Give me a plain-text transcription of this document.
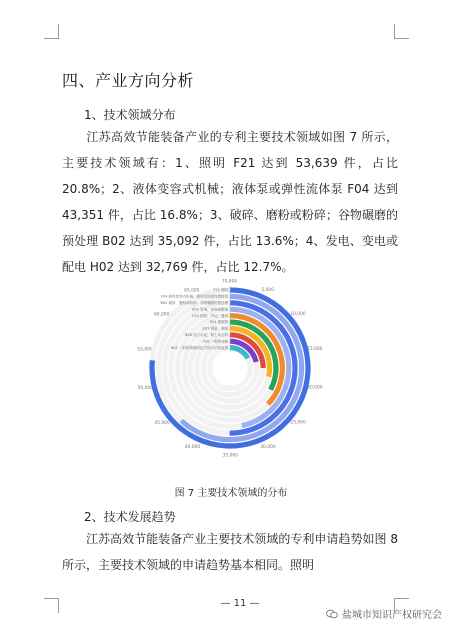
四、产业方向分析
1、技术领域分布
江苏高效节能装备产业的专利主要技术领域如图 7 所示，主要技术领域有：1、照明 F21 达到 53,639 件，占比 20.8%；2、液体变容式机械；液体泵或弹性流体泵 F04 达到 43,351 件，占比 16.8%；3、破碎、磨粉或粉碎；谷物碾磨的预处理 B02 达到 35,092 件，占比 13.6%；4、发电、变电或配电 H02 达到 32,769 件，占比 12.7%。
5,000
10,000
15,000
20,000
25,000
30,000
35,000
40,000
45,000
50,000
55,000
60,000
65,000
70,000
F21 照明
F04 液体变容式机械；液体泵或弹性流体泵
B02 破碎、磨粉或粉碎；谷物碾磨的预处理
H02 发电、变电或配电
F24 供热；炉灶；通风
E04 建筑物
G01 测量；测试
B28 加工水泥、黏土或石料
F28 一般热交换
B01 一般的物理或化学的方法或装置
图 7 主要技术领域的分布
2、技术发展趋势
江苏高效节能装备产业主要技术领域的专利申请趋势如图 8 所示，主要技术领域的申请趋势基本相同。照明
— 11 —
盐城市知识产权研究会
